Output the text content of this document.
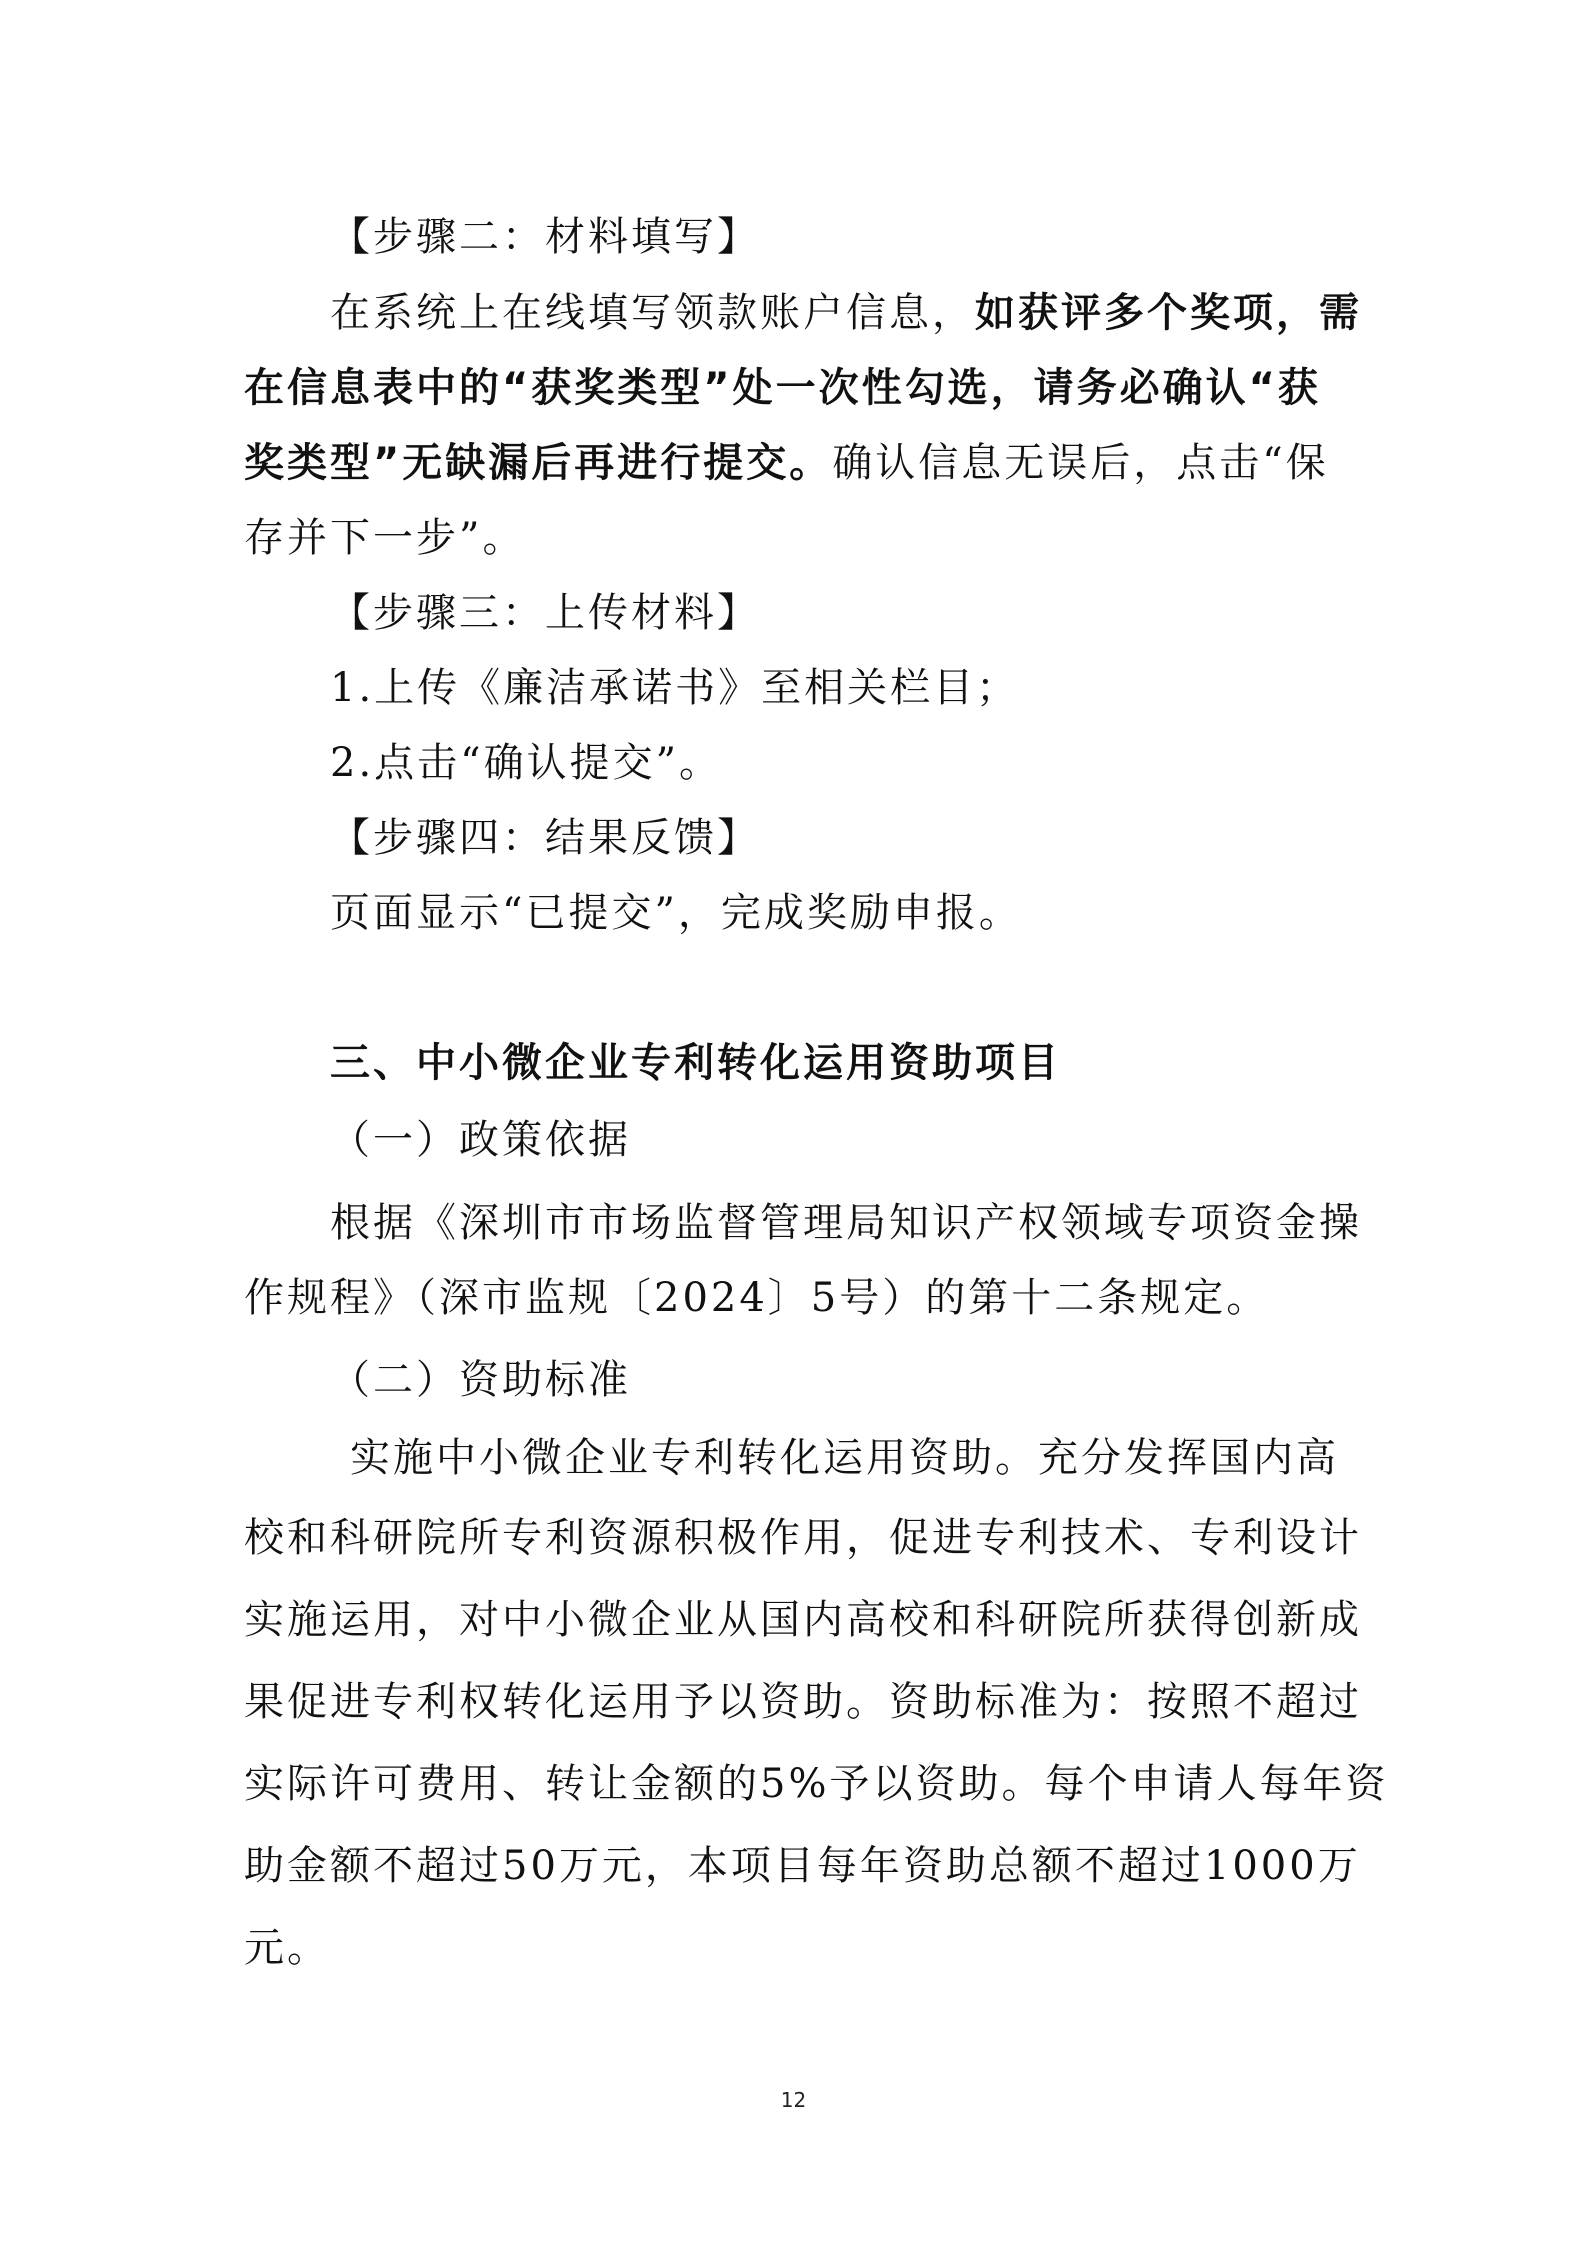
【步骤二：材料填写】
在系统上在线填写领款账户信息，如获评多个奖项，需
在信息表中的“获奖类型”处一次性勾选，请务必确认“获
奖类型”无缺漏后再进行提交。确认信息无误后，点击“保
存并下一步”。
【步骤三：上传材料】
1.上传《廉洁承诺书》至相关栏目；
2.点击“确认提交”。
【步骤四：结果反馈】
页面显示“已提交”，完成奖励申报。
三、中小微企业专利转化运用资助项目
（一）政策依据
根据《深圳市市场监督管理局知识产权领域专项资金操
作规程》（深市监规〔2024〕5号）的第十二条规定。
（二）资助标准
实施中小微企业专利转化运用资助。充分发挥国内高
校和科研院所专利资源积极作用，促进专利技术、专利设计
实施运用，对中小微企业从国内高校和科研院所获得创新成
果促进专利权转化运用予以资助。资助标准为：按照不超过
实际许可费用、转让金额的5%予以资助。每个申请人每年资
助金额不超过50万元，本项目每年资助总额不超过1000万
元。
12
